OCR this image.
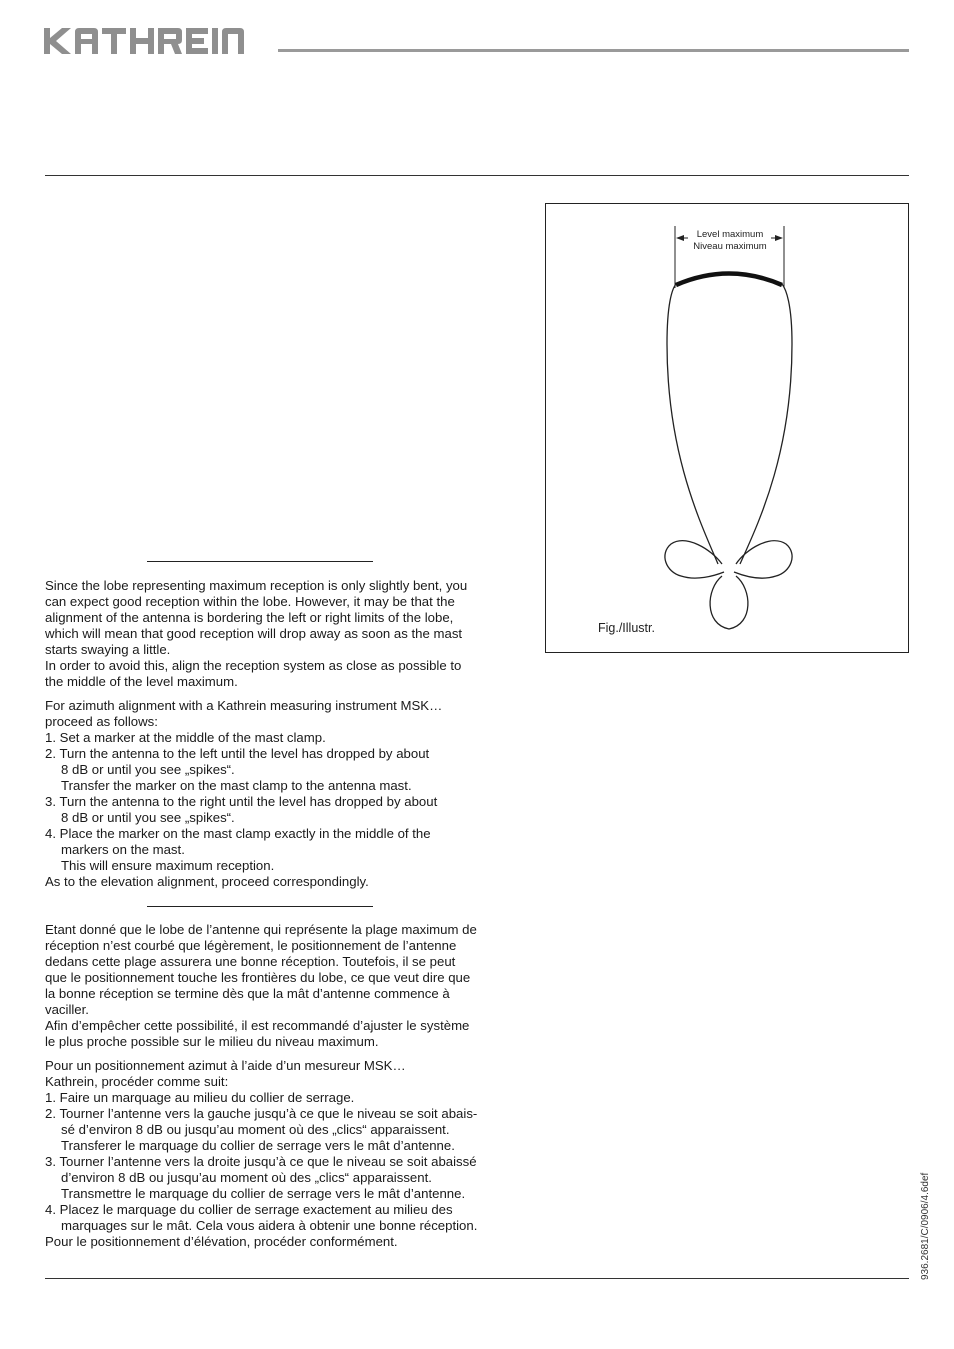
Since the lobe representing maximum reception is only slightly bent, you

can expect good reception within the lobe. However, it may be that the

alignment of the antenna is bordering the left or right limits of the lobe,

which will mean that good reception will drop away as soon as the mast

starts swaying a little.

In order to avoid this, align the reception system as close as possible to

the middle of the level maximum.

For azimuth alignment with a Kathrein measuring instrument MSK…

proceed as follows:

1. Set a marker at the middle of the mast clamp.
2. Turn the antenna to the left until the level has dropped by about
8 dB or until you see „spikes“.
Transfer the marker on the mast clamp to the antenna mast.
3. Turn the antenna to the right until the level has dropped by about
8 dB or until you see „spikes“.
4. Place the marker on the mast clamp exactly in the middle of the
markers on the mast.
This will ensure maximum reception.

As to the elevation alignment, proceed correspondingly.

Etant donné que le lobe de l’antenne qui représente la plage maximum de

réception n’est courbé que légèrement, le positionnement de l’antenne

dedans cette plage assurera une bonne réception. Toutefois, il se peut

que le positionnement touche les frontières du lobe, ce que veut dire que

la bonne réception se termine dès que la mât d’antenne commence à

vaciller.

Afin d’empêcher cette possibilité, il est recommandé d’ajuster le système

le plus proche possible sur le milieu du niveau maximum.

Pour un positionnement azimut à l’aide d’un mesureur MSK…

Kathrein, procéder comme suit:

1. Faire un marquage au milieu du collier de serrage.
2. Tourner l’antenne vers la gauche jusqu’à ce que le niveau se soit abais-
sé d’environ 8 dB ou jusqu’au moment où des „clics“ apparaissent.
Transferer le marquage du collier de serrage vers le mât d’antenne.
3. Tourner l’antenne vers la droite jusqu’à ce que le niveau se soit abaissé
d’environ 8 dB ou jusqu’au moment où des „clics“ apparaissent.
Transmettre le marquage du collier de serrage vers le mât d’antenne.
4. Placez le marquage du collier de serrage exactement au milieu des
marquages sur le mât. Cela vous aidera à obtenir une bonne réception.

Pour le positionnement d’élévation, procéder conformément.

Level maximum
Niveau maximum
Fig./Illustr.
936.2681/C/0906/4.6def
